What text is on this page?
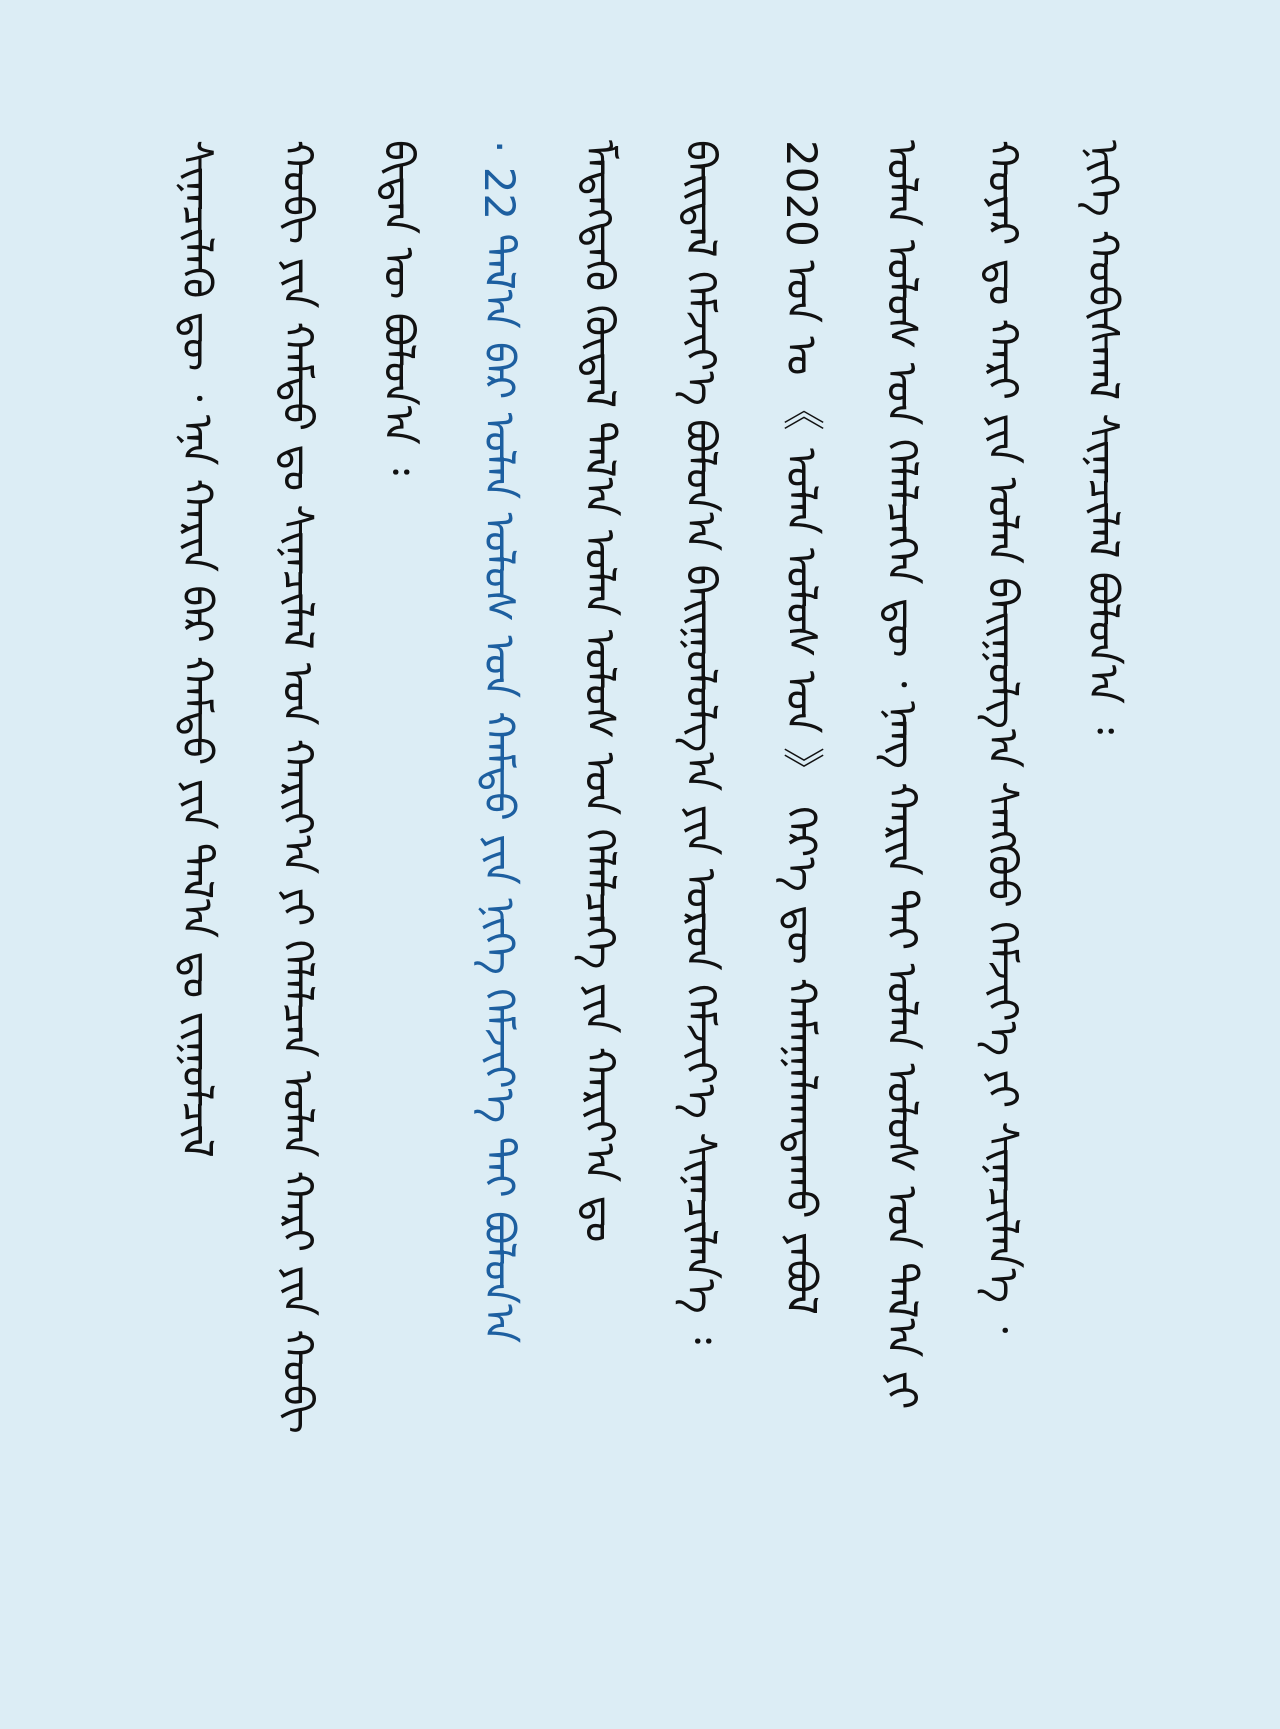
ᠨᠢᠭᠡ ᠬᠤᠪᠢᠰᠬᠠᠯ ᠰᠢᠨᠡᠴᠢᠯᠡᠯ ᠪᠣᠯᠤᠨ᠎ᠠ ᠄
ᠬᠣᠶᠠᠷ ᠳᠤ ᠬᠠᠷᠢ ᠶᠢᠨ ᠣᠯᠠᠨ ᠪᠠᠢᠭᠤᠯᠭ᠎ᠠ ᠰᠠᠩᠬᠦᠦ ᠬᠡᠮᠵᠢᠶ᠎ᠡ ᠶᠢ ᠰᠢᠨᠡᠴᠢᠯᠡᠨ᠎ᠡ ᠂
ᠣᠯᠠᠨ ᠤᠯᠤᠰ ᠤᠨ ᠬᠡᠯᠡᠯᠴᠡᠭᠡᠨ ᠳᠦ ᠂ ᠨᠡᠩ ᠬᠠᠷᠢᠨ ᠲᠠᠢ ᠣᠯᠠᠨ ᠤᠯᠤᠰ ᠤᠨ ᠲᠠᠯ᠎ᠠ ᠶᠢ
2020 ᠣᠨ ᠤ 《 ᠣᠯᠠᠨ ᠤᠯᠤᠰ ᠤᠨ 》 ᠭᠡᠷ᠎ᠡ ᠳᠦ ᠬᠠᠮᠠᠭᠠᠯᠠᠭᠳᠠᠬᠤ ᠶᠠᠪᠤᠯ
ᠪᠠᠢᠳᠠᠯ ᠬᠡᠮᠵᠢᠶ᠎ᠡ ᠪᠣᠯᠤᠨ᠎ᠠ ᠪᠠᠢᠭᠤᠯᠤᠯᠭ᠎ᠠ ᠶᠢᠨ ᠣᠷᠤᠨ ᠬᠡᠮᠵᠢᠶ᠎ᠡ ᠰᠢᠨᠡᠴᠢᠯᠡᠨ᠎ᠡ ᠄
ᠮᠡᠳᠡᠭᠳᠡᠬᠦ ᠬᠦᠳᠡᠯ ᠲᠠᠯ᠎ᠠ ᠣᠯᠠᠨ ᠤᠯᠤᠰ ᠤᠨ ᠬᠡᠯᠡᠯᠴᠡᠭᠡ ᠶᠢᠨ ᠬᠠᠷᠢᠶ᠎ᠠ ᠳᠤ
· 22 ᠲᠠᠯ᠎ᠠ ᠪᠠᠷ ᠣᠯᠠᠨ ᠤᠯᠤᠰ ᠤᠨ ᠬᠠᠮᠲᠤ ᠶᠢᠨ ᠨᠢᠭᠡ ᠬᠡᠮᠵᠢᠶ᠎ᠡ ᠲᠠᠢ ᠪᠣᠯᠤᠨ᠎ᠠ
ᠪᠢᠳᠡᠨ ᠦ ᠪᠣᠯᠤᠨ᠎ᠠ ᠄
ᠬᠤᠪᠢ ᠶᠢᠨ ᠬᠠᠮᠲᠤ ᠳᠤ ᠰᠢᠨᠡᠴᠢᠯᠡᠯ ᠤᠨ ᠬᠠᠷᠢᠶ᠎ᠠ ᠶᠢ ᠬᠡᠯᠡᠯᠴᠡᠨ ᠣᠯᠠᠨ ᠬᠠᠷᠢ ᠶᠢᠨ ᠬᠤᠪᠢ
ᠰᠢᠨᠡᠴᠢᠯᠡᠬᠦ ᠳᠦ ᠂ ᠡᠨᠡ ᠬᠠᠷᠢᠨ ᠪᠠᠷ ᠬᠠᠮᠲᠤ ᠶᠢᠨ ᠲᠠᠯ᠎ᠠ ᠳᠤ ᠵᠢᠭᠤᠯᠴᠢᠯ
